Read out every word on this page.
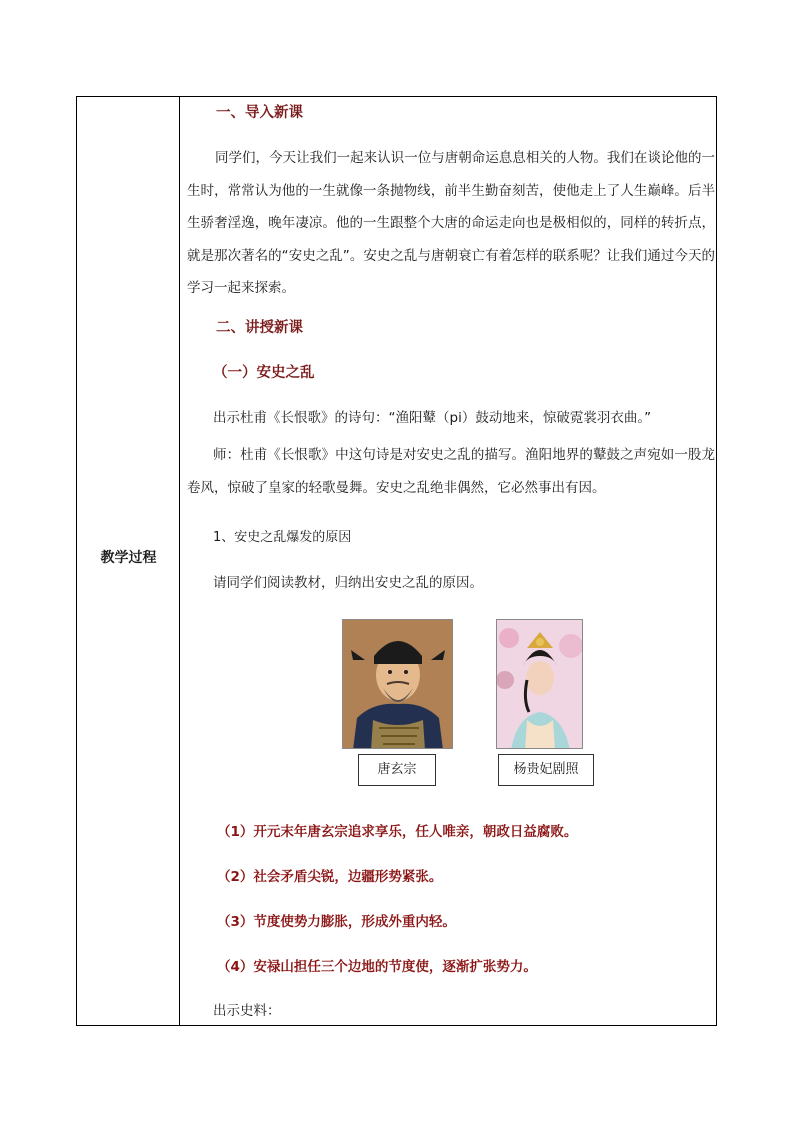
教学过程
一、导入新课
同学们，今天让我们一起来认识一位与唐朝命运息息相关的人物。我们在谈论他的一生时，常常认为他的一生就像一条抛物线，前半生勤奋刻苦，使他走上了人生巅峰。后半生骄奢淫逸，晚年凄凉。他的一生跟整个大唐的命运走向也是极相似的，同样的转折点，就是那次著名的“安史之乱”。安史之乱与唐朝衰亡有着怎样的联系呢？让我们通过今天的学习一起来探索。
二、讲授新课
（一）安史之乱
出示杜甫《长恨歌》的诗句：“渔阳鼙（pi）鼓动地来，惊破霓裳羽衣曲。”
师：杜甫《长恨歌》中这句诗是对安史之乱的描写。渔阳地界的鼙鼓之声宛如一股龙卷风，惊破了皇家的轻歌曼舞。安史之乱绝非偶然，它必然事出有因。
1、安史之乱爆发的原因
请同学们阅读教材，归纳出安史之乱的原因。
唐玄宗	杨贵妃剧照
（1）开元末年唐玄宗追求享乐，任人唯亲，朝政日益腐败。
（2）社会矛盾尖锐，边疆形势紧张。
（3）节度使势力膨胀，形成外重内轻。
（4）安禄山担任三个边地的节度使，逐渐扩张势力。
出示史料：
